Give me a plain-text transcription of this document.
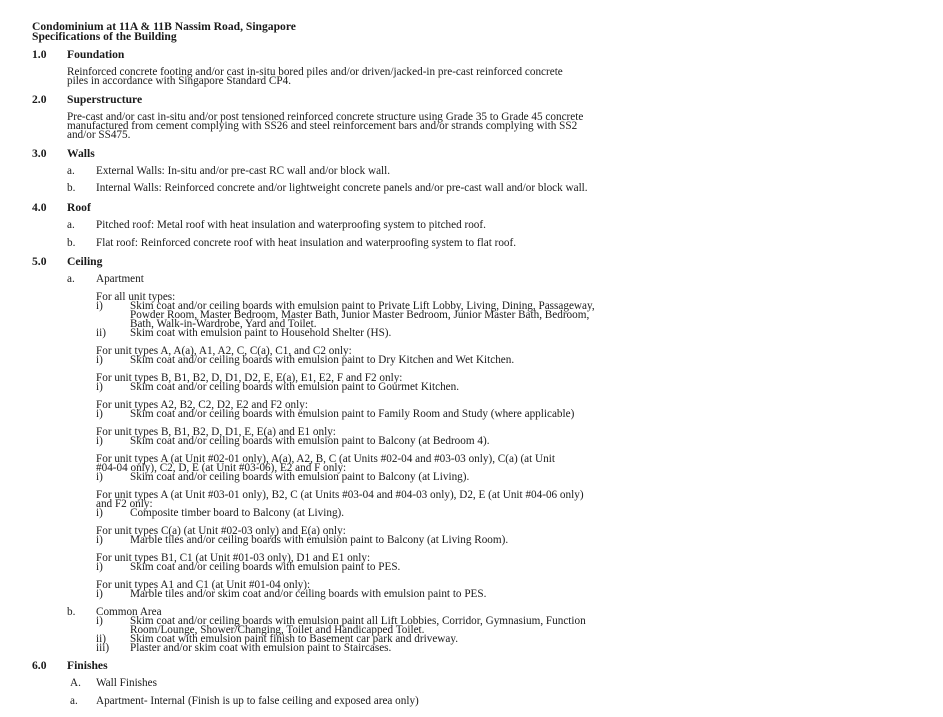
Condominium at 11A & 11B Nassim Road, Singapore
Specifications of the Building
1.0 Foundation
Reinforced concrete footing and/or cast in-situ bored piles and/or driven/jacked-in pre-cast reinforced concrete
piles in accordance with Singapore Standard CP4.
2.0 Superstructure
Pre-cast and/or cast in-situ and/or post tensioned reinforced concrete structure using Grade 35 to Grade 45 concrete
manufactured from cement complying with SS26 and steel reinforcement bars and/or strands complying with SS2
and/or SS475.
3.0 Walls
a. External Walls: In-situ and/or pre-cast RC wall and/or block wall.
b. Internal Walls: Reinforced concrete and/or lightweight concrete panels and/or pre-cast wall and/or block wall.
4.0 Roof
a. Pitched roof: Metal roof with heat insulation and waterproofing system to pitched roof.
b. Flat roof: Reinforced concrete roof with heat insulation and waterproofing system to flat roof.
5.0 Ceiling
a. Apartment
For all unit types:
i) Skim coat and/or ceiling boards with emulsion paint to Private Lift Lobby, Living, Dining, Passageway,
Powder Room, Master Bedroom, Master Bath, Junior Master Bedroom, Junior Master Bath, Bedroom,
Bath, Walk-in-Wardrobe, Yard and Toilet.
ii) Skim coat with emulsion paint to Household Shelter (HS).
For unit types A, A(a), A1, A2, C, C(a), C1, and C2 only:
i) Skim coat and/or ceiling boards with emulsion paint to Dry Kitchen and Wet Kitchen.
For unit types B, B1, B2, D, D1, D2, E, E(a), E1, E2, F and F2 only:
i) Skim coat and/or ceiling boards with emulsion paint to Gourmet Kitchen.
For unit types A2, B2, C2, D2, E2 and F2 only:
i) Skim coat and/or ceiling boards with emulsion paint to Family Room and Study (where applicable)
For unit types B, B1, B2, D, D1, E, E(a) and E1 only:
i) Skim coat and/or ceiling boards with emulsion paint to Balcony (at Bedroom 4).
For unit types A (at Unit #02-01 only), A(a), A2, B, C (at Units #02-04 and #03-03 only), C(a) (at Unit
#04-04 only), C2, D, E (at Unit #03-06), E2 and F only:
i) Skim coat and/or ceiling boards with emulsion paint to Balcony (at Living).
For unit types A (at Unit #03-01 only), B2, C (at Units #03-04 and #04-03 only), D2, E (at Unit #04-06 only)
and F2 only:
i) Composite timber board to Balcony (at Living).
For unit types C(a) (at Unit #02-03 only) and E(a) only:
i) Marble tiles and/or ceiling boards with emulsion paint to Balcony (at Living Room).
For unit types B1, C1 (at Unit #01-03 only), D1 and E1 only:
i) Skim coat and/or ceiling boards with emulsion paint to PES.
For unit types A1 and C1 (at Unit #01-04 only):
i) Marble tiles and/or skim coat and/or ceiling boards with emulsion paint to PES.
b. Common Area
i) Skim coat and/or ceiling boards with emulsion paint all Lift Lobbies, Corridor, Gymnasium, Function
Room/Lounge, Shower/Changing, Toilet and Handicapped Toilet.
ii) Skim coat with emulsion paint finish to Basement car park and driveway.
iii) Plaster and/or skim coat with emulsion paint to Staircases.
6.0 Finishes
A. Wall Finishes
a. Apartment- Internal (Finish is up to false ceiling and exposed area only)
